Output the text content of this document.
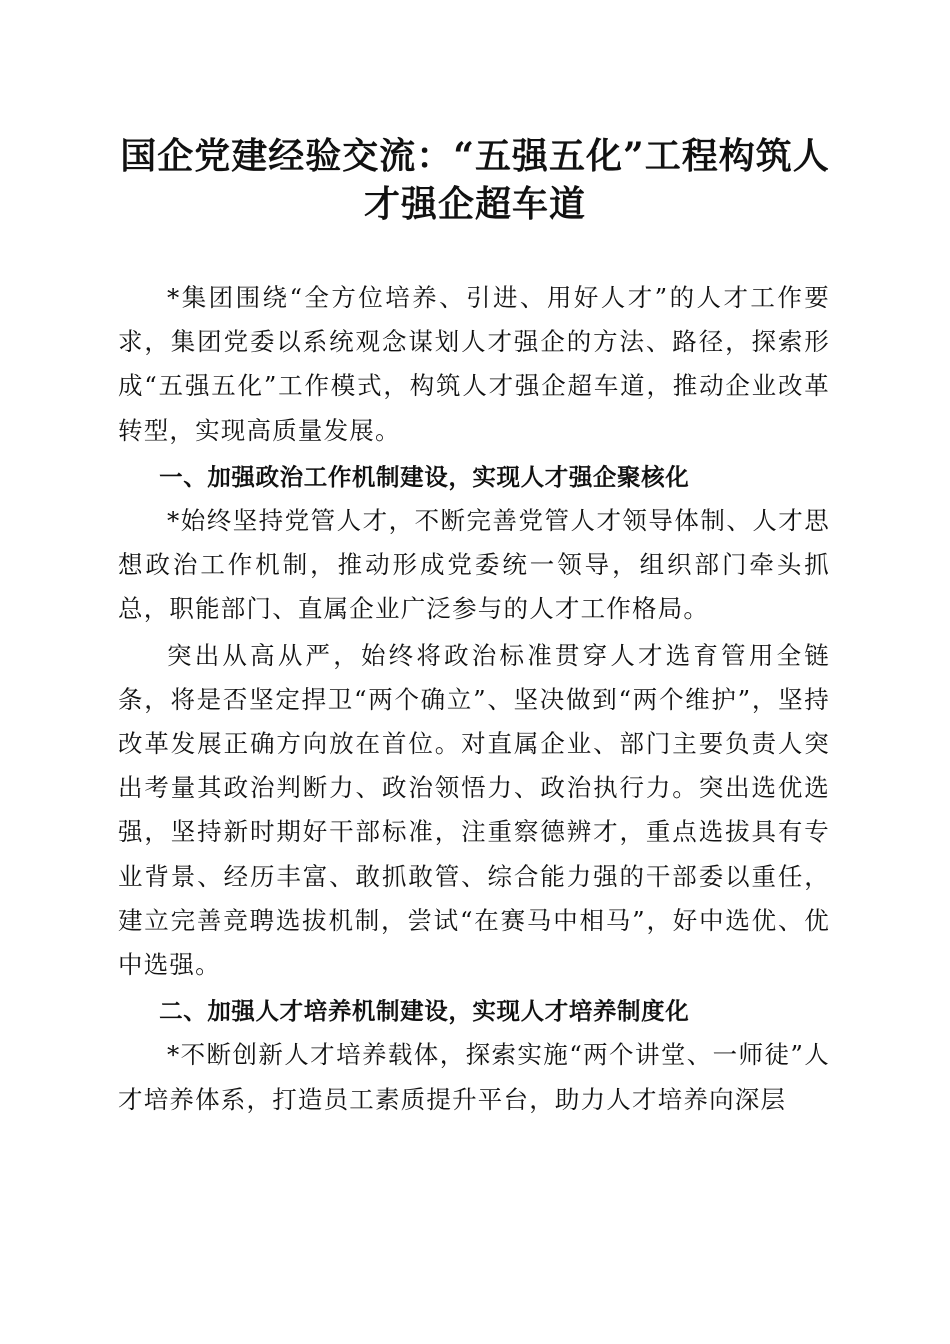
国企党建经验交流：“五强五化”工程构筑人
才强企超车道

*集团围绕“全方位培养、引进、用好人才”的人才工作要求，集团党委以系统观念谋划人才强企的方法、路径，探索形成“五强五化”工作模式，构筑人才强企超车道，推动企业改革转型，实现高质量发展。

一、加强政治工作机制建设，实现人才强企聚核化

*始终坚持党管人才，不断完善党管人才领导体制、人才思想政治工作机制，推动形成党委统一领导，组织部门牵头抓总，职能部门、直属企业广泛参与的人才工作格局。

突出从高从严，始终将政治标准贯穿人才选育管用全链条，将是否坚定捍卫“两个确立”、坚决做到“两个维护”，坚持改革发展正确方向放在首位。对直属企业、部门主要负责人突出考量其政治判断力、政治领悟力、政治执行力。突出选优选强，坚持新时期好干部标准，注重察德辨才，重点选拔具有专业背景、经历丰富、敢抓敢管、综合能力强的干部委以重任，建立完善竞聘选拔机制，尝试“在赛马中相马”，好中选优、优中选强。

二、加强人才培养机制建设，实现人才培养制度化

*不断创新人才培养载体，探索实施“两个讲堂、一师徒”人才培养体系，打造员工素质提升平台，助力人才培养向深层
